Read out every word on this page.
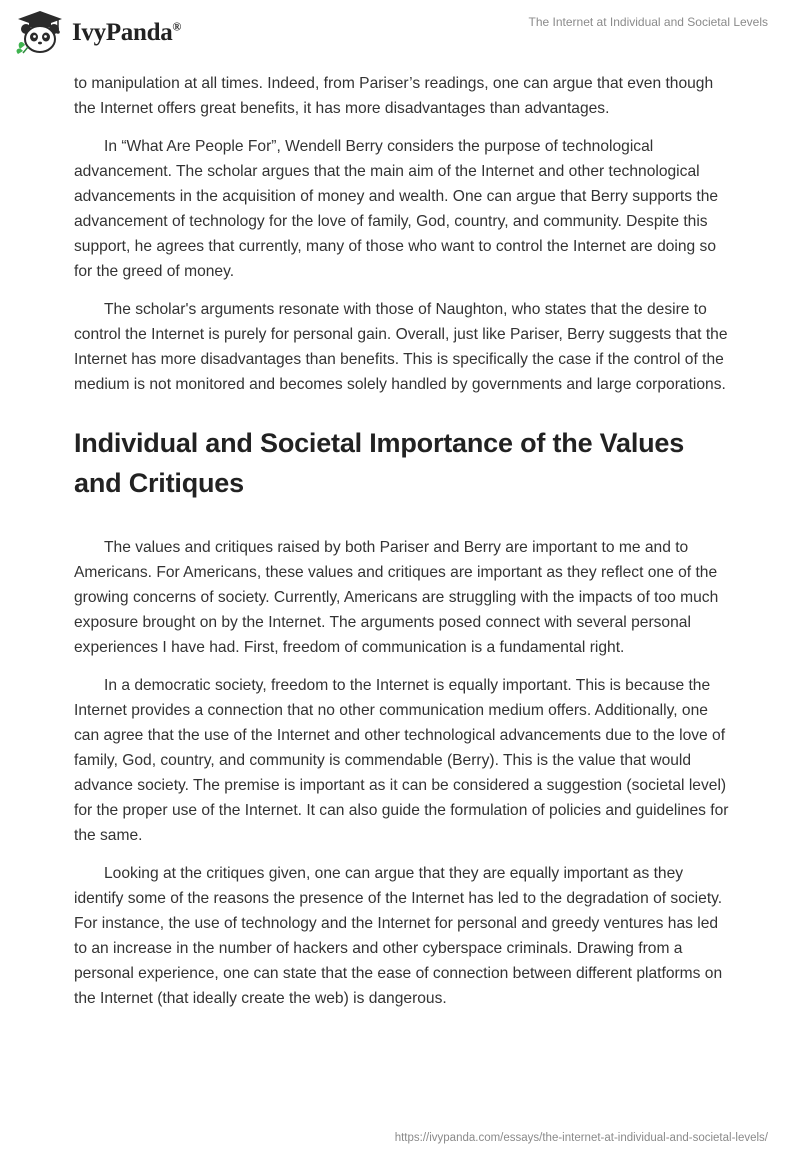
IvyPanda®	The Internet at Individual and Societal Levels

to manipulation at all times. Indeed, from Pariser’s readings, one can argue that even though the Internet offers great benefits, it has more disadvantages than advantages.

In “What Are People For”, Wendell Berry considers the purpose of technological advancement. The scholar argues that the main aim of the Internet and other technological advancements in the acquisition of money and wealth. One can argue that Berry supports the advancement of technology for the love of family, God, country, and community. Despite this support, he agrees that currently, many of those who want to control the Internet are doing so for the greed of money.

The scholar's arguments resonate with those of Naughton, who states that the desire to control the Internet is purely for personal gain. Overall, just like Pariser, Berry suggests that the Internet has more disadvantages than benefits. This is specifically the case if the control of the medium is not monitored and becomes solely handled by governments and large corporations.

Individual and Societal Importance of the Values and Critiques

The values and critiques raised by both Pariser and Berry are important to me and to Americans. For Americans, these values and critiques are important as they reflect one of the growing concerns of society. Currently, Americans are struggling with the impacts of too much exposure brought on by the Internet. The arguments posed connect with several personal experiences I have had. First, freedom of communication is a fundamental right.

In a democratic society, freedom to the Internet is equally important. This is because the Internet provides a connection that no other communication medium offers. Additionally, one can agree that the use of the Internet and other technological advancements due to the love of family, God, country, and community is commendable (Berry). This is the value that would advance society. The premise is important as it can be considered a suggestion (societal level) for the proper use of the Internet. It can also guide the formulation of policies and guidelines for the same.

Looking at the critiques given, one can argue that they are equally important as they identify some of the reasons the presence of the Internet has led to the degradation of society. For instance, the use of technology and the Internet for personal and greedy ventures has led to an increase in the number of hackers and other cyberspace criminals. Drawing from a personal experience, one can state that the ease of connection between different platforms on the Internet (that ideally create the web) is dangerous.

https://ivypanda.com/essays/the-internet-at-individual-and-societal-levels/
